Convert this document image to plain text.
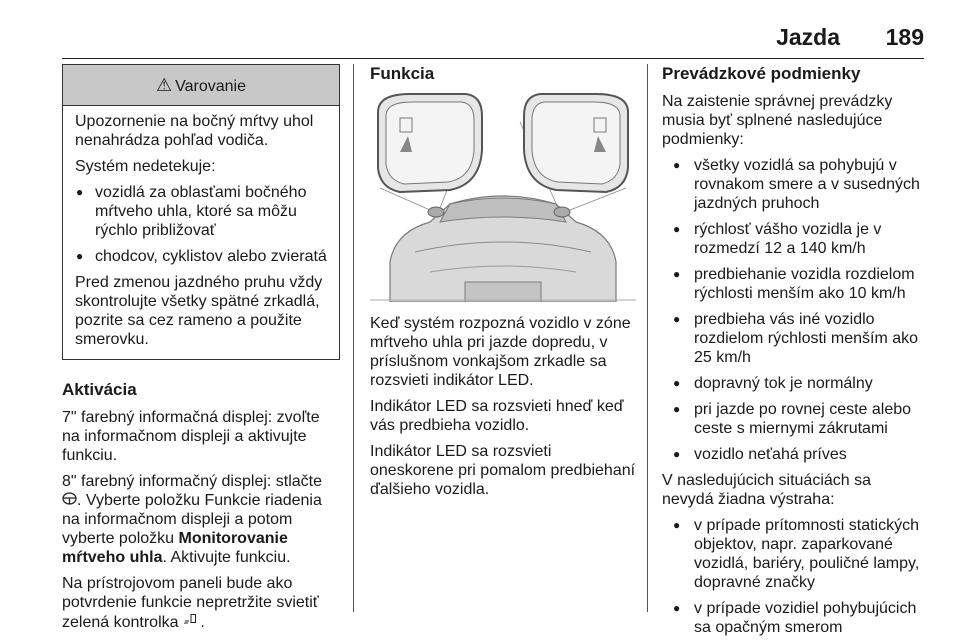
Jazda 189
⚠ Varovanie

Upozornenie na bočný mŕtvy uhol nenahrádza pohľad vodiča.

Systém nedetekuje:

● vozidlá za oblasťami bočného mŕtveho uhla, ktoré sa môžu rýchlo približovať
● chodcov, cyklistov alebo zvieratá

Pred zmenou jazdného pruhu vždy skontrolujte všetky spätné zrkadlá, pozrite sa cez rameno a použite smerovku.

Aktivácia

7" farebný informačná displej: zvoľte na informačnom displeji a aktivujte funkciu.

8" farebný informačný displej: stlačte . Vyberte položku Funkcie riadenia na informačnom displeji a potom vyberte položku Monitorovanie mŕtveho uhla. Aktivujte funkciu.

Na prístrojovom paneli bude ako potvrdenie funkcie nepretržite svietiť zelená kontrolka .

Funkcia

Keď systém rozpozná vozidlo v zóne mŕtveho uhla pri jazde dopredu, v príslušnom vonkajšom zrkadle sa rozsvieti indikátor LED.

Indikátor LED sa rozsvieti hneď keď vás predbieha vozidlo.

Indikátor LED sa rozsvieti oneskorene pri pomalom predbiehaní ďalšieho vozidla.

Prevádzkové podmienky

Na zaistenie správnej prevádzky musia byť splnené nasledujúce podmienky:

● všetky vozidlá sa pohybujú v rovnakom smere a v susedných jazdných pruhoch
● rýchlosť vášho vozidla je v rozmedzí 12 a 140 km/h
● predbiehanie vozidla rozdielom rýchlosti menším ako 10 km/h
● predbieha vás iné vozidlo rozdielom rýchlosti menším ako 25 km/h
● dopravný tok je normálny
● pri jazde po rovnej ceste alebo ceste s miernymi zákrutami
● vozidlo neťahá príves

V nasledujúcich situáciách sa nevydá žiadna výstraha:

● v prípade prítomnosti statických objektov, napr. zaparkované vozidlá, bariéry, pouličné lampy, dopravné značky
● v prípade vozidiel pohybujúcich sa opačným smerom
